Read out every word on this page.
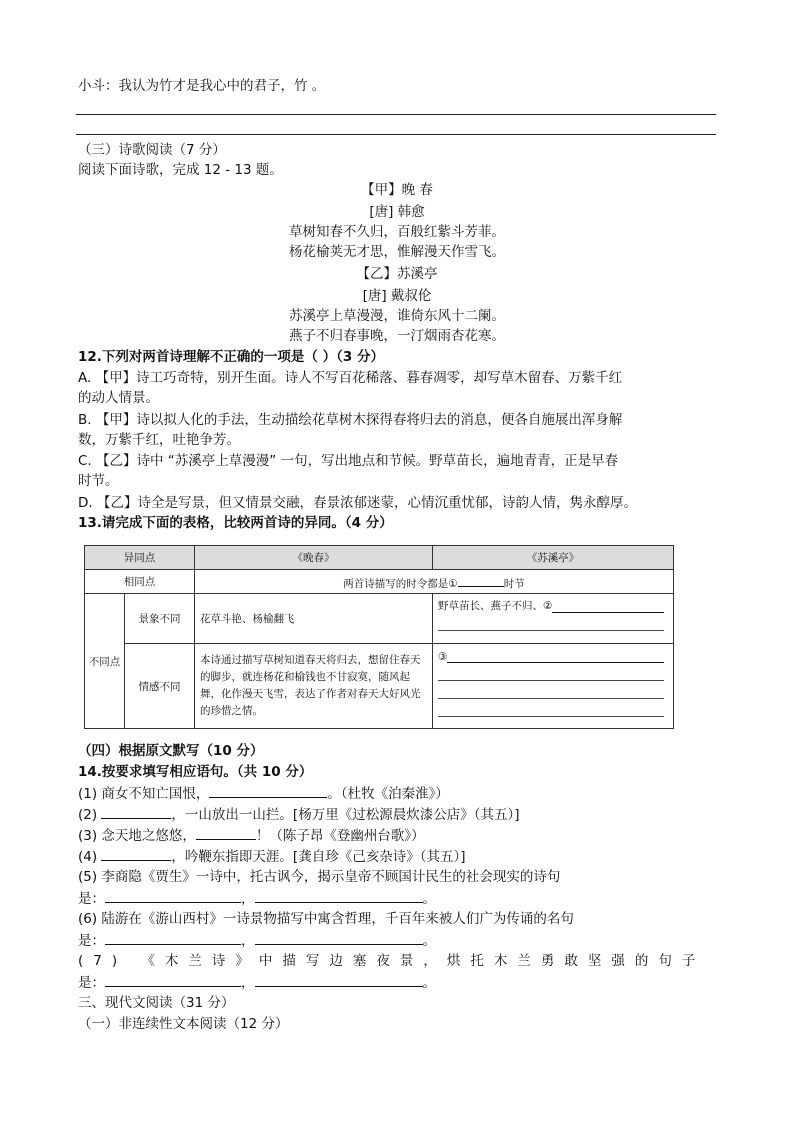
小斗：我认为竹才是我心中的君子，竹 。
（三）诗歌阅读（7 分）
阅读下面诗歌，完成 12 - 13 题。
【甲】晚 春
[唐] 韩愈
草树知春不久归，百般红紫斗芳菲。
杨花榆荚无才思，惟解漫天作雪飞。
【乙】苏溪亭
[唐] 戴叔伦
苏溪亭上草漫漫，谁倚东风十二阑。
燕子不归春事晚，一汀烟雨杏花寒。
12.下列对两首诗理解不正确的一项是（ ）（3 分）
A. 【甲】诗工巧奇特，别开生面。诗人不写百花稀落、暮春凋零，却写草木留春、万紫千红
的动人情景。
B. 【甲】诗以拟人化的手法，生动描绘花草树木探得春将归去的消息，便各自施展出浑身解
数，万紫千红，吐艳争芳。
C. 【乙】诗中 “苏溪亭上草漫漫” 一句，写出地点和节候。野草苗长，遍地青青，正是早春
时节。
D. 【乙】诗全是写景，但又情景交融，春景浓郁迷蒙，心情沉重忧郁，诗韵人情，隽永醇厚。
13.请完成下面的表格，比较两首诗的异同。（4 分）
异同点		《晚春》	《苏溪亭》
相同点		两首诗描写的时令都是① 时节	
不同点	景象不同	花草斗艳、杨榆翻飞	野草苗长、燕子不归、②

	情感不同	本诗通过描写草树知道春天将归去，想留住春天的脚步，就连杨花和榆钱也不甘寂寞，随风起舞，化作漫天飞雪，表达了作者对春天大好风光的珍惜之情。	③
（四）根据原文默写（10 分）
14.按要求填写相应语句。（共 10 分）
(1) 商女不知亡国恨，	。（杜牧《泊秦淮》）
(2)	，一山放出一山拦。[杨万里《过松源晨炊漆公店》（其五）]
(3) 念天地之悠悠，	！（陈子昂《登幽州台歌》）
(4)	，吟鞭东指即天涯。[龚自珍《己亥杂诗》（其五）]
(5) 李商隐《贾生》一诗中，托古讽今，揭示皇帝不顾国计民生的社会现实的诗句
是：	，	。
(6) 陆游在《游山西村》一诗景物描写中寓含哲理，千百年来被人们广为传诵的名句
是：	，	。
(7) 《木兰诗》中描写边塞夜景，烘托木兰勇敢坚强的句子
是：	，	。
三、现代文阅读（31 分）
（一）非连续性文本阅读（12 分）
